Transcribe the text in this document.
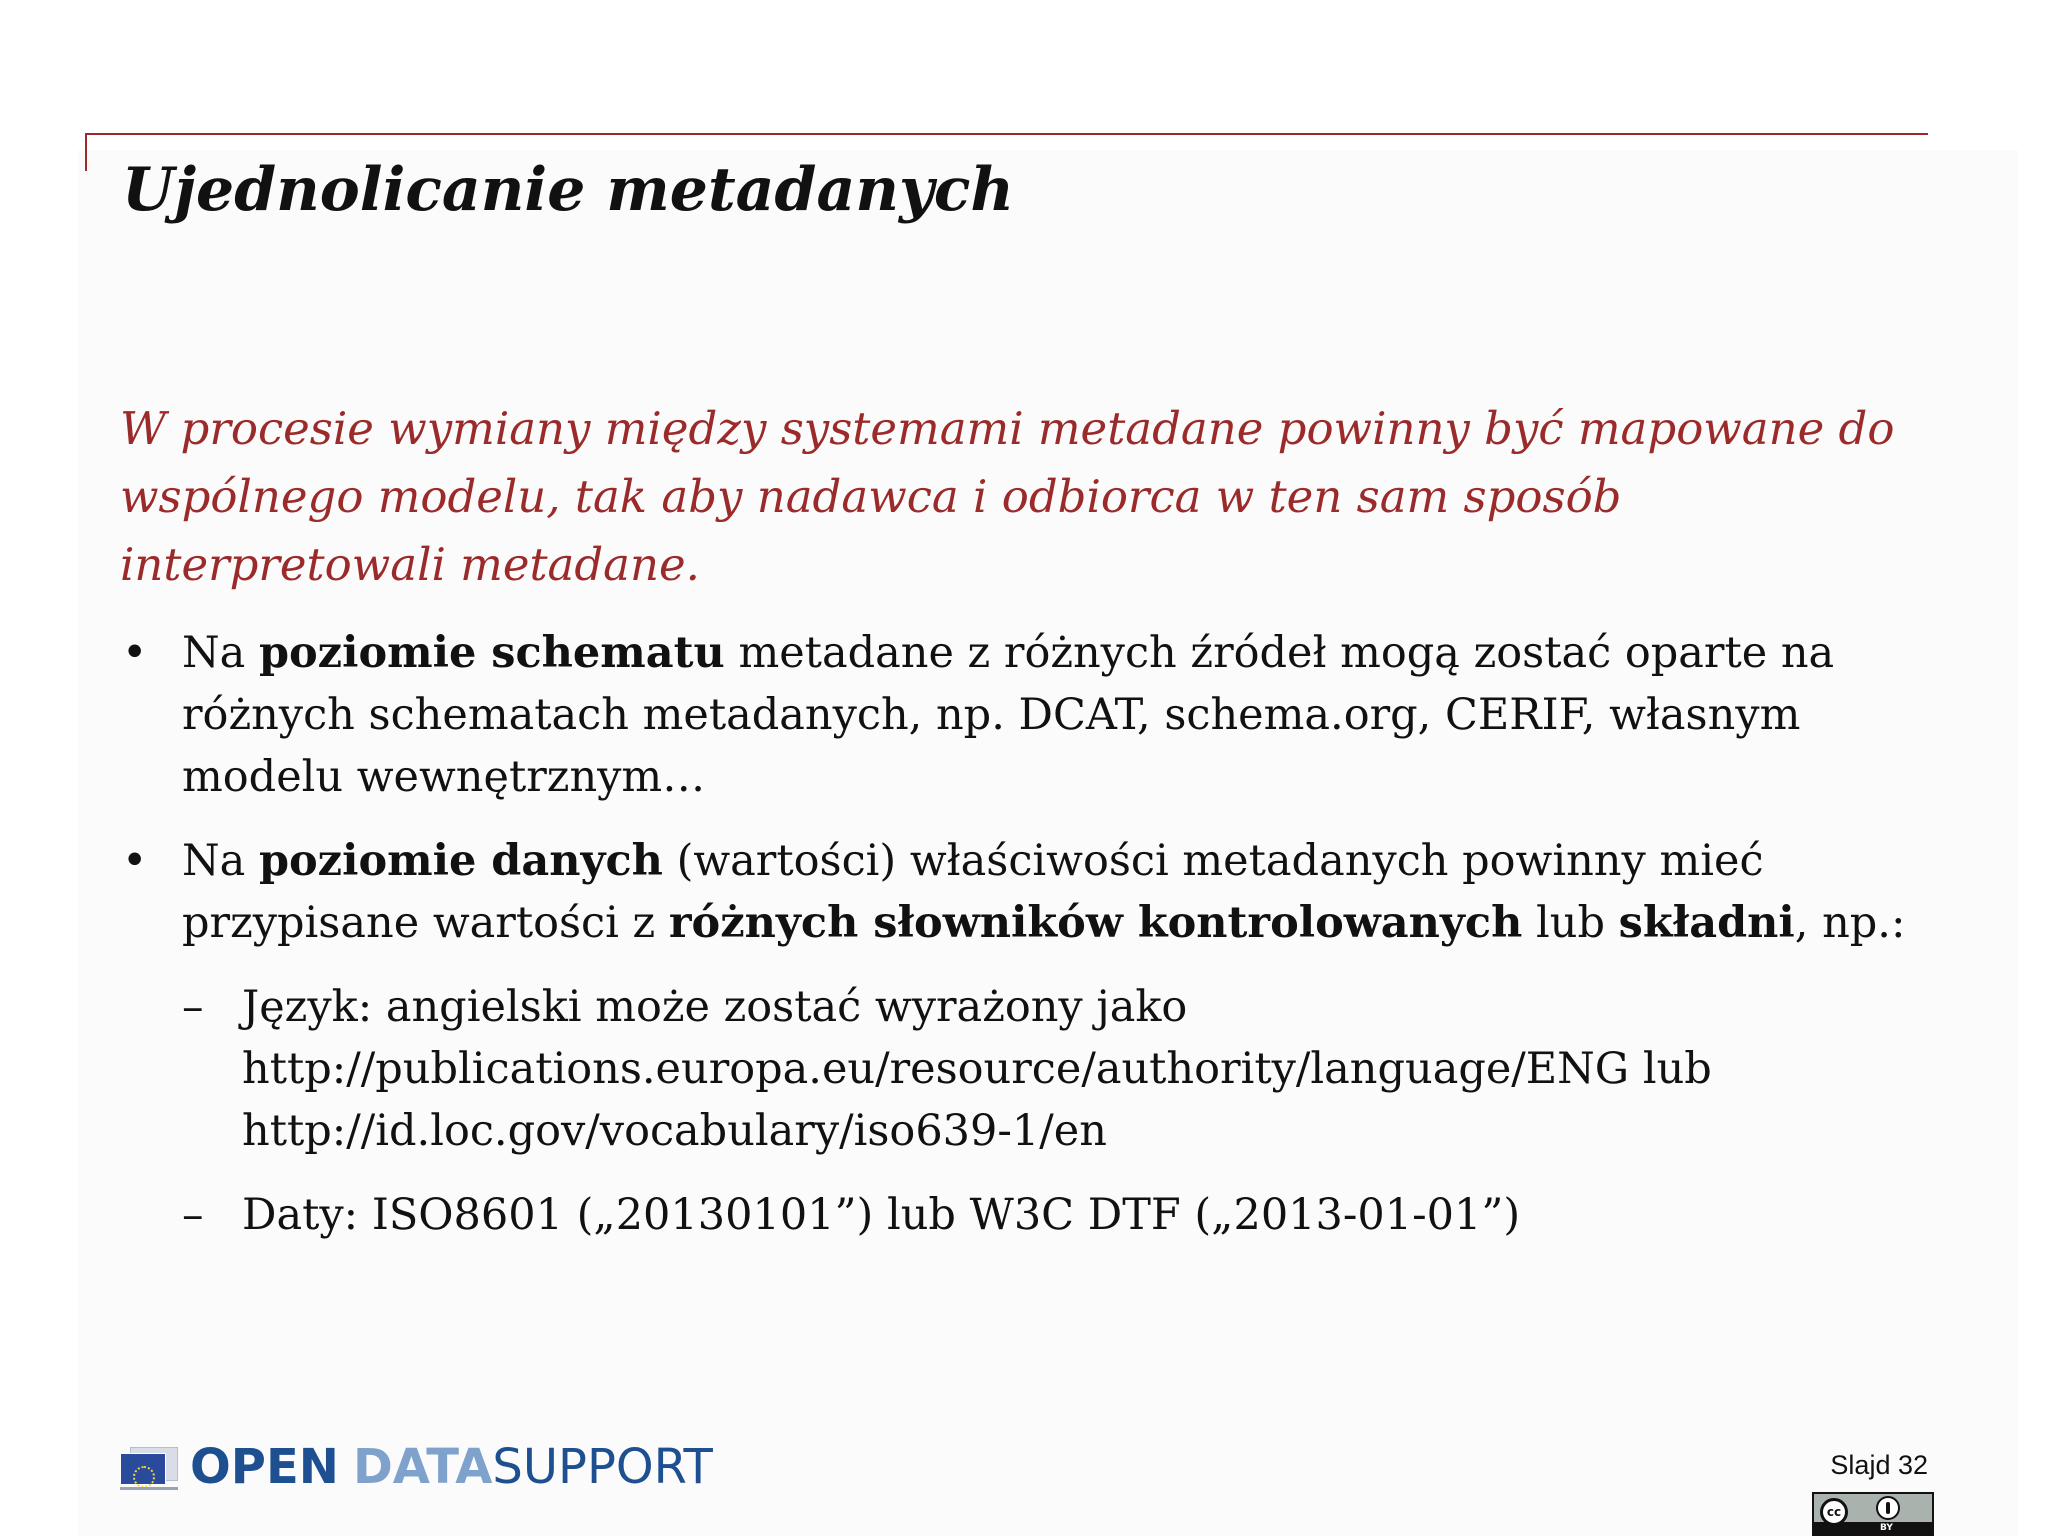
Ujednolicanie metadanych

W procesie wymiany między systemami metadane powinny być mapowane do wspólnego modelu, tak aby nadawca i odbiorca w ten sam sposób interpretowali metadane.

• Na poziomie schematu metadane z różnych źródeł mogą zostać oparte na różnych schematach metadanych, np. DCAT, schema.org, CERIF, własnym modelu wewnętrznym…
• Na poziomie danych (wartości) właściwości metadanych powinny mieć przypisane wartości z różnych słowników kontrolowanych lub składni, np.:
– Język: angielski może zostać wyrażony jako
http://publications.europa.eu/resource/authority/language/ENG lub
http://id.loc.gov/vocabulary/iso639-1/en
– Daty: ISO8601 („20130101”) lub W3C DTF („2013-01-01”)
OPEN DATA SUPPORT	Slajd 32
cc
BY
